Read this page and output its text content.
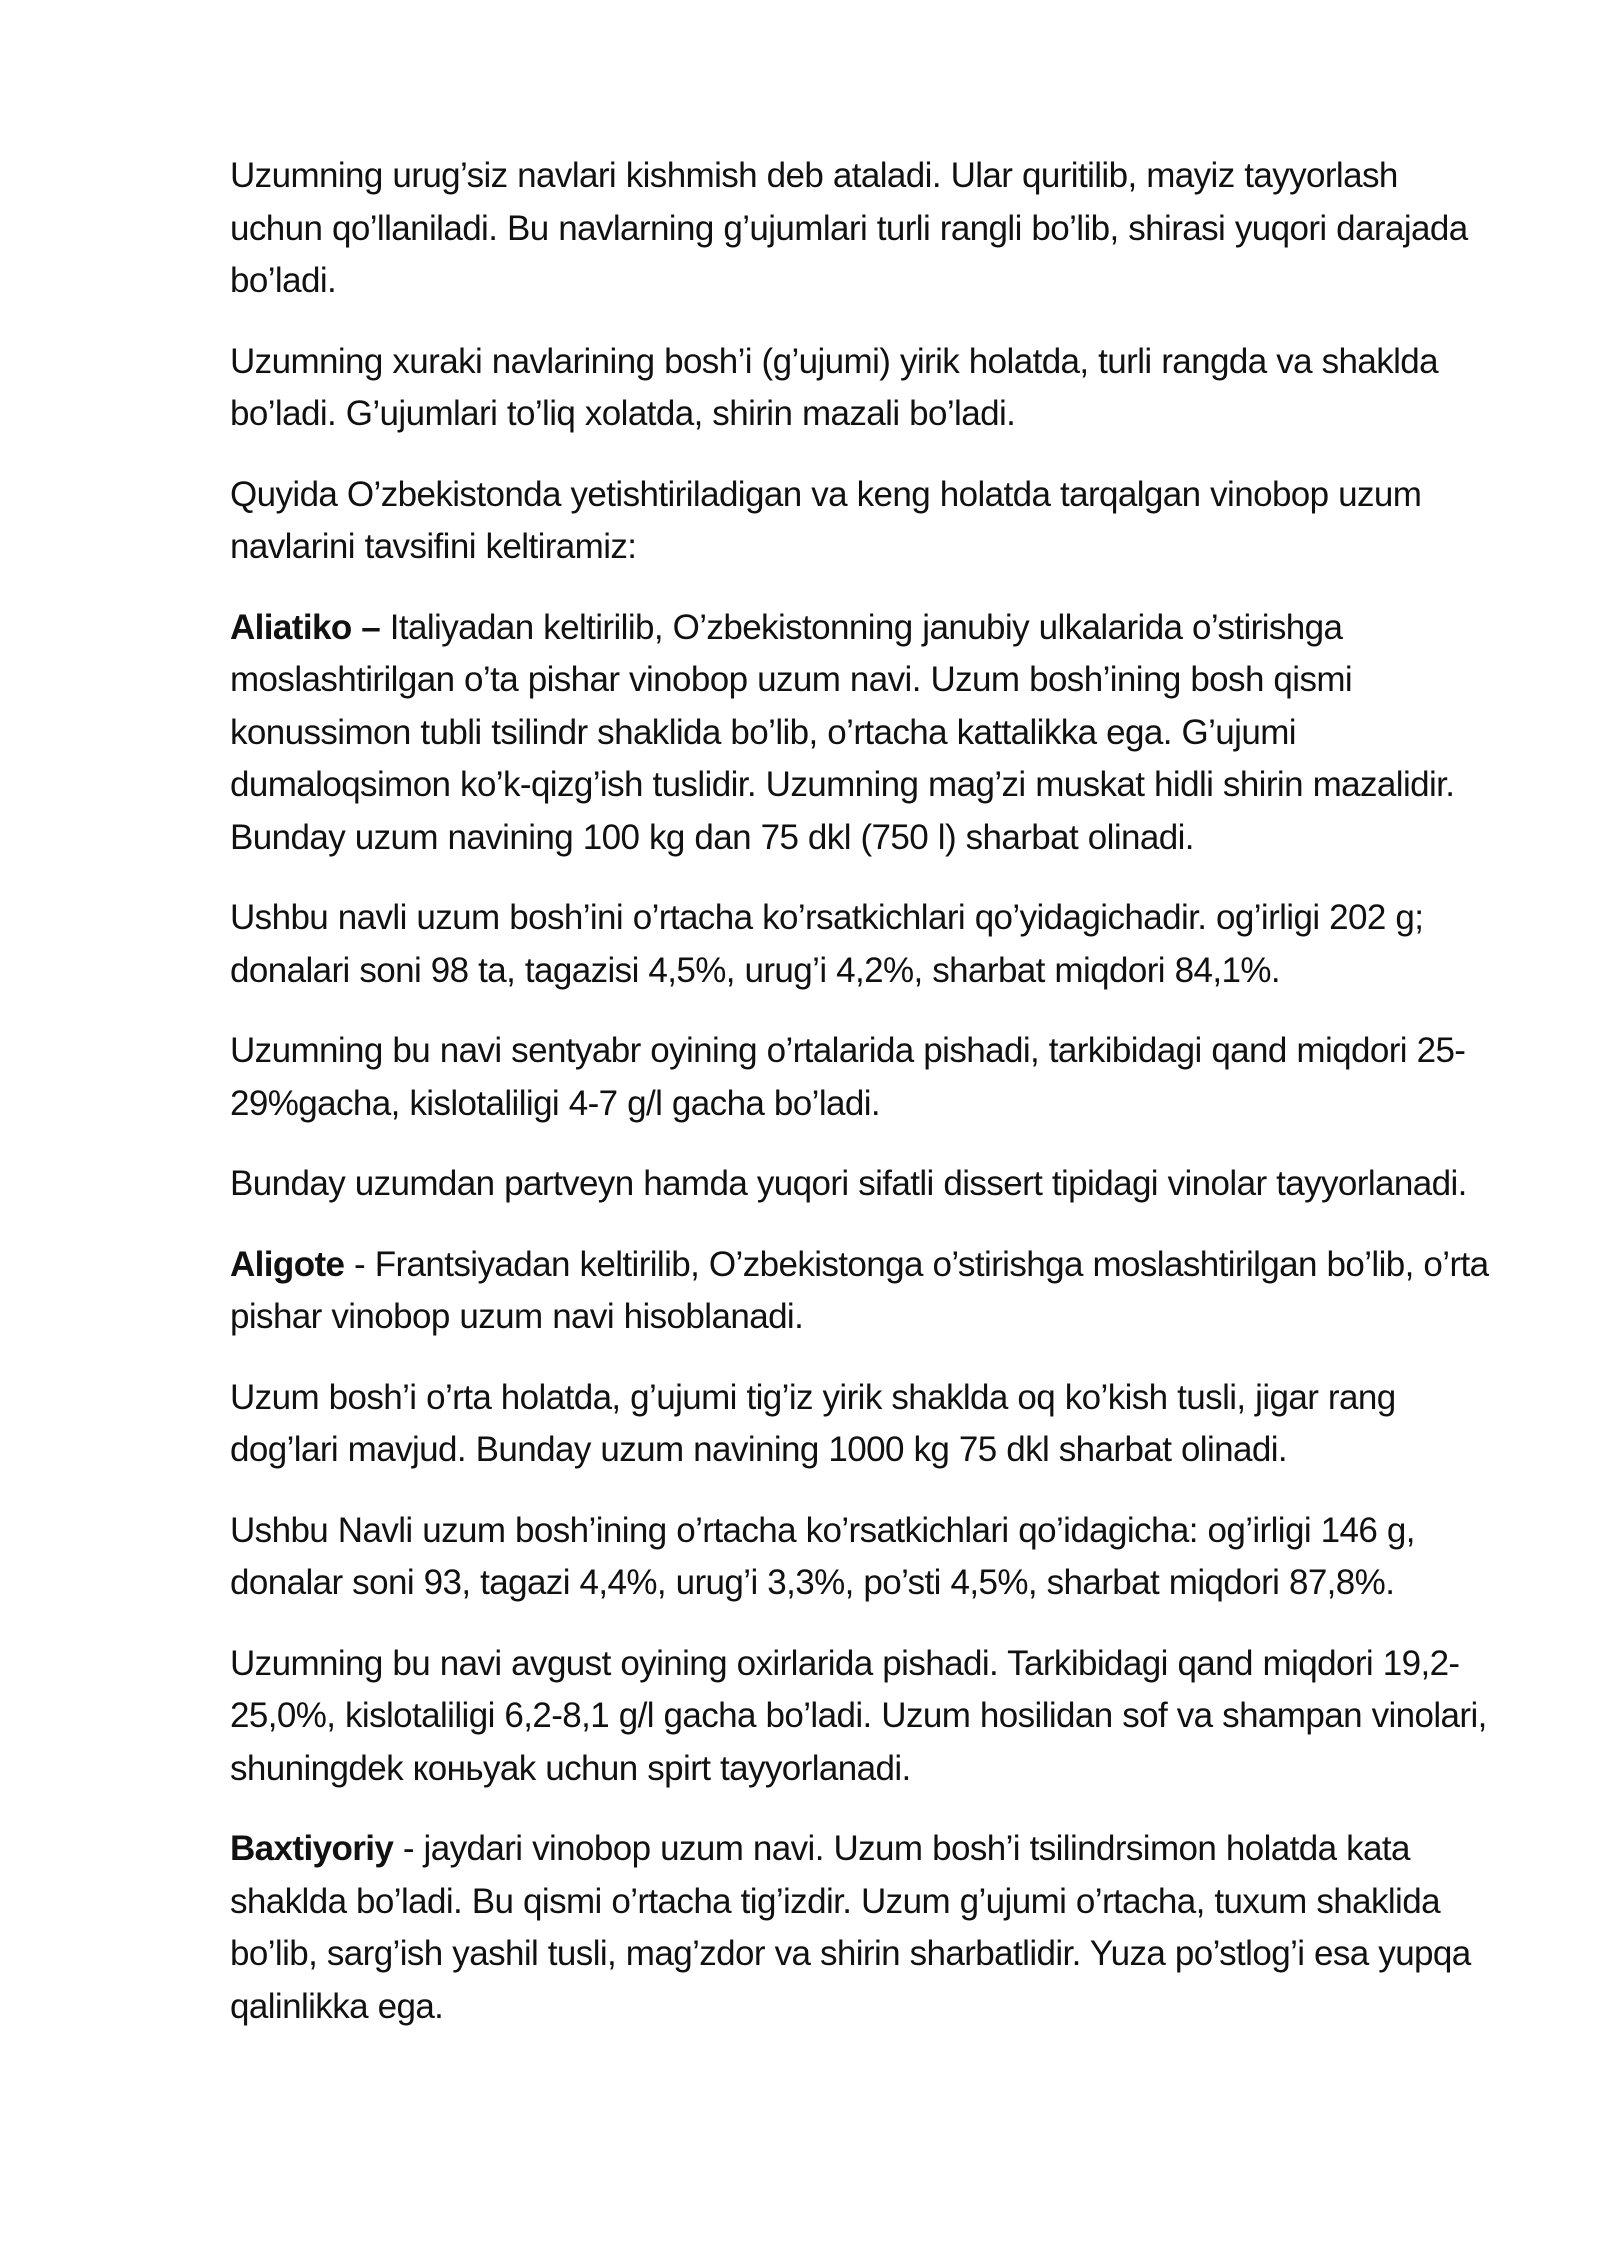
Uzumning urug’siz navlari kishmish deb ataladi. Ular quritilib, mayiz tayyorlash uchun qo’llaniladi. Bu navlarning g’ujumlari turli rangli bo’lib, shirasi yuqori darajada bo’ladi.

Uzumning xuraki navlarining bosh’i (g’ujumi) yirik holatda, turli rangda va shaklda bo’ladi. G’ujumlari to’liq xolatda, shirin mazali bo’ladi.

Quyida O’zbekistonda yetishtiriladigan va keng holatda tarqalgan vinobop uzum navlarini tavsifini keltiramiz:

Aliatiko – Italiyadan keltirilib, O’zbekistonning janubiy ulkalarida o’stirishga moslashtirilgan o’ta pishar vinobop uzum navi. Uzum bosh’ining bosh qismi konussimon tubli tsilindr shaklida bo’lib, o’rtacha kattalikka ega. G’ujumi dumaloqsimon ko’k-qizg’ish tuslidir. Uzumning mag’zi muskat hidli shirin mazalidir. Bunday uzum navining 100 kg dan 75 dkl (750 l) sharbat olinadi.

Ushbu navli uzum bosh’ini o’rtacha ko’rsatkichlari qo’yidagichadir. og’irligi 202 g; donalari soni 98 ta, tagazisi 4,5%, urug’i 4,2%, sharbat miqdori 84,1%.

Uzumning bu navi sentyabr oyining o’rtalarida pishadi, tarkibidagi qand miqdori 25-29%gacha, kislotaliligi 4-7 g/l gacha bo’ladi.

Bunday uzumdan partveyn hamda yuqori sifatli dissert tipidagi vinolar tayyorlanadi.

Aligote - Frantsiyadan keltirilib, O’zbekistonga o’stirishga moslashtirilgan bo’lib, o’rta pishar vinobop uzum navi hisoblanadi.

Uzum bosh’i o’rta holatda, g’ujumi tig’iz yirik shaklda oq ko’kish tusli, jigar rang dog’lari mavjud. Bunday uzum navining 1000 kg 75 dkl sharbat olinadi.

Ushbu Navli uzum bosh’ining o’rtacha ko’rsatkichlari qo’idagicha: og’irligi 146 g, donalar soni 93, tagazi 4,4%, urug’i 3,3%, po’sti 4,5%, sharbat miqdori 87,8%.

Uzumning bu navi avgust oyining oxirlarida pishadi. Tarkibidagi qand miqdori 19,2-25,0%, kislotaliligi 6,2-8,1 g/l gacha bo’ladi. Uzum hosilidan sof va shampan vinolari, shuningdek коньyak uchun spirt tayyorlanadi.

Baxtiyoriy - jaydari vinobop uzum navi. Uzum bosh’i tsilindrsimon holatda kata shaklda bo’ladi. Bu qismi o’rtacha tig’izdir. Uzum g’ujumi o’rtacha, tuxum shaklida bo’lib, sarg’ish yashil tusli, mag’zdor va shirin sharbatlidir. Yuza po’stlog’i esa yupqa qalinlikka ega.
